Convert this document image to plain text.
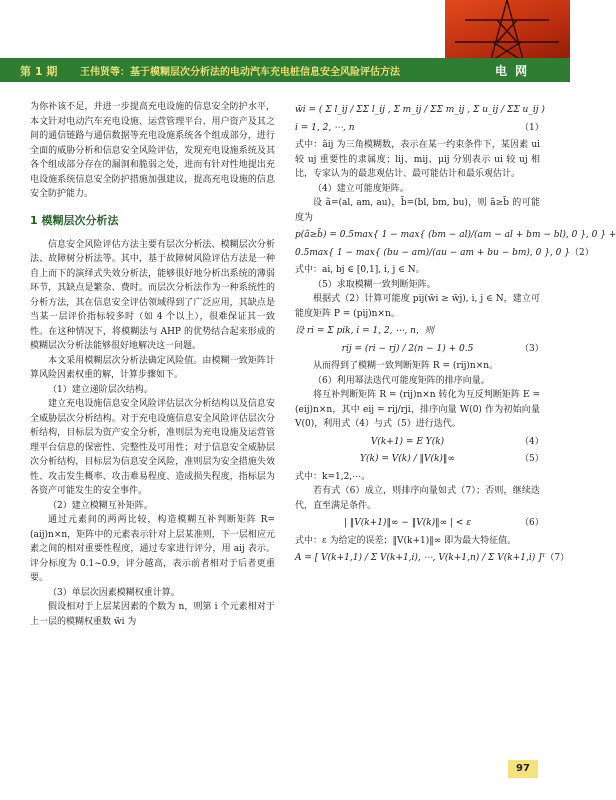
第 1 期 王伟贤等：基于模糊层次分析法的电动汽车充电桩信息安全风险评估方法	电 网

为你补该不足，并进一步提高充电设施的信息安全防护水平，本文针对电动汽车充电设施、运营管理平台、用户资产及其之间的通信链路与通信数据等充电设施系统各个组成部分，进行全面的威胁分析和信息安全风险评估，发现充电设施系统及其各个组成部分存在的漏洞和脆弱之处，进而有针对性地提出充电设施系统信息安全防护措施加强建议，提高充电设施的信息安全防护能力。

1 模糊层次分析法

信息安全风险评估方法主要有层次分析法、模糊层次分析法、故障树分析法等。其中，基于故障树风险评估方法是一种自上而下的演绎式失效分析法，能够很好地分析出系统的薄弱环节，其缺点是繁杂、费时。而层次分析法作为一种系统性的分析方法，其在信息安全评估领域得到了广泛应用，其缺点是当某一层评价指标较多时（如 4 个以上），很难保证其一致性。在这种情况下，将模糊法与 AHP 的优势结合起来形成的模糊层次分析法能够很好地解决这一问题。

本文采用模糊层次分析法确定风险值。由模糊一致矩阵计算风险因素权重的解，计算步骤如下。

（1）建立递阶层次结构。

建立充电设施信息安全风险评估层次分析结构以及信息安全威胁层次分析结构。对于充电设施信息安全风险评估层次分析结构，目标层为资产安全分析，准则层为充电设施及运营管理平台信息的保密性、完整性及可用性；对于信息安全威胁层次分析结构，目标层为信息安全风险，准则层为安全措施失效性、攻击发生概率、攻击难易程度、造成损失程度，指标层为各资产可能发生的安全事件。

（2）建立模糊互补矩阵。

通过元素间的两两比较，构造模糊互补判断矩阵 R=(aij)n×n，矩阵中的元素表示针对上层某准则，下一层相应元素之间的相对重要性程度，通过专家进行评分，用 aij 表示。评分标度为 0.1~0.9，评分越高，表示前者相对于后者更重要。

（3）单层次因素模糊权重计算。

假设相对于上层某因素的个数为 n，则第 i 个元素相对于上一层的模糊权重数 w̃i 为

w̃i = ( Σ l_ij / ΣΣ l_ij , Σ m_ij / ΣΣ m_ij , Σ u_ij / ΣΣ u_ij )
i = 1, 2, ⋯, n	（1）

式中：ãij 为三角模糊数，表示在某一约束条件下，某因素 ui 较 uj 重要性的隶属度；lij、mij、μij 分别表示 ui 较 uj 相比，专家认为的最悲观估计、最可能估计和最乐观估计。

（4）建立可能度矩阵。

设 ã=(al, am, au)，b̃=(bl, bm, bu)，则 ã≥b̃ 的可能度为

p(ã≥b̃) = 0.5max{ 1 − max{ (bm − al)/(am − al + bm − bl), 0 }, 0 } +
0.5max{ 1 − max{ (bu − am)/(au − am + bu − bm), 0 }, 0 } （2）

式中：ai, bj ∈ [0,1], i, j ∈ N。

（5）求取模糊一致判断矩阵。

根据式（2）计算可能度 pij(w̃i ≥ w̃j), i, j ∈ N，建立可能度矩阵 P = (pij)n×n。

设 ri = Σ pik, i = 1, 2, ⋯, n，则
rij = (ri − rj) / 2(n − 1) + 0.5	（3）

从而得到了模糊一致判断矩阵 R = (rij)n×n。

（6）利用幂法迭代可能度矩阵的排序向量。

将互补判断矩阵 R = (rij)n×n 转化为互反判断矩阵 E = (eij)n×n，其中 eij = rij/rji，排序向量 W(0) 作为初始向量 V(0)，利用式（4）与式（5）进行迭代。

V(k+1) = E Y(k)	（4）
Y(k) = V(k) / ‖V(k)‖∞	（5）

式中：k=1,2,⋯。

若有式（6）成立，则排序向量如式（7）；否则，继续迭代，直至满足条件。

| ‖V(k+1)‖∞ − ‖V(k)‖∞ | < ε	（6）

式中：ε 为给定的误差；‖V(k+1)‖∞ 即为最大特征值。

A = [ V(k+1,1) / Σ V(k+1,i), ⋯, V(k+1,n) / Σ V(k+1,i) ]ᵀ （7）
97
